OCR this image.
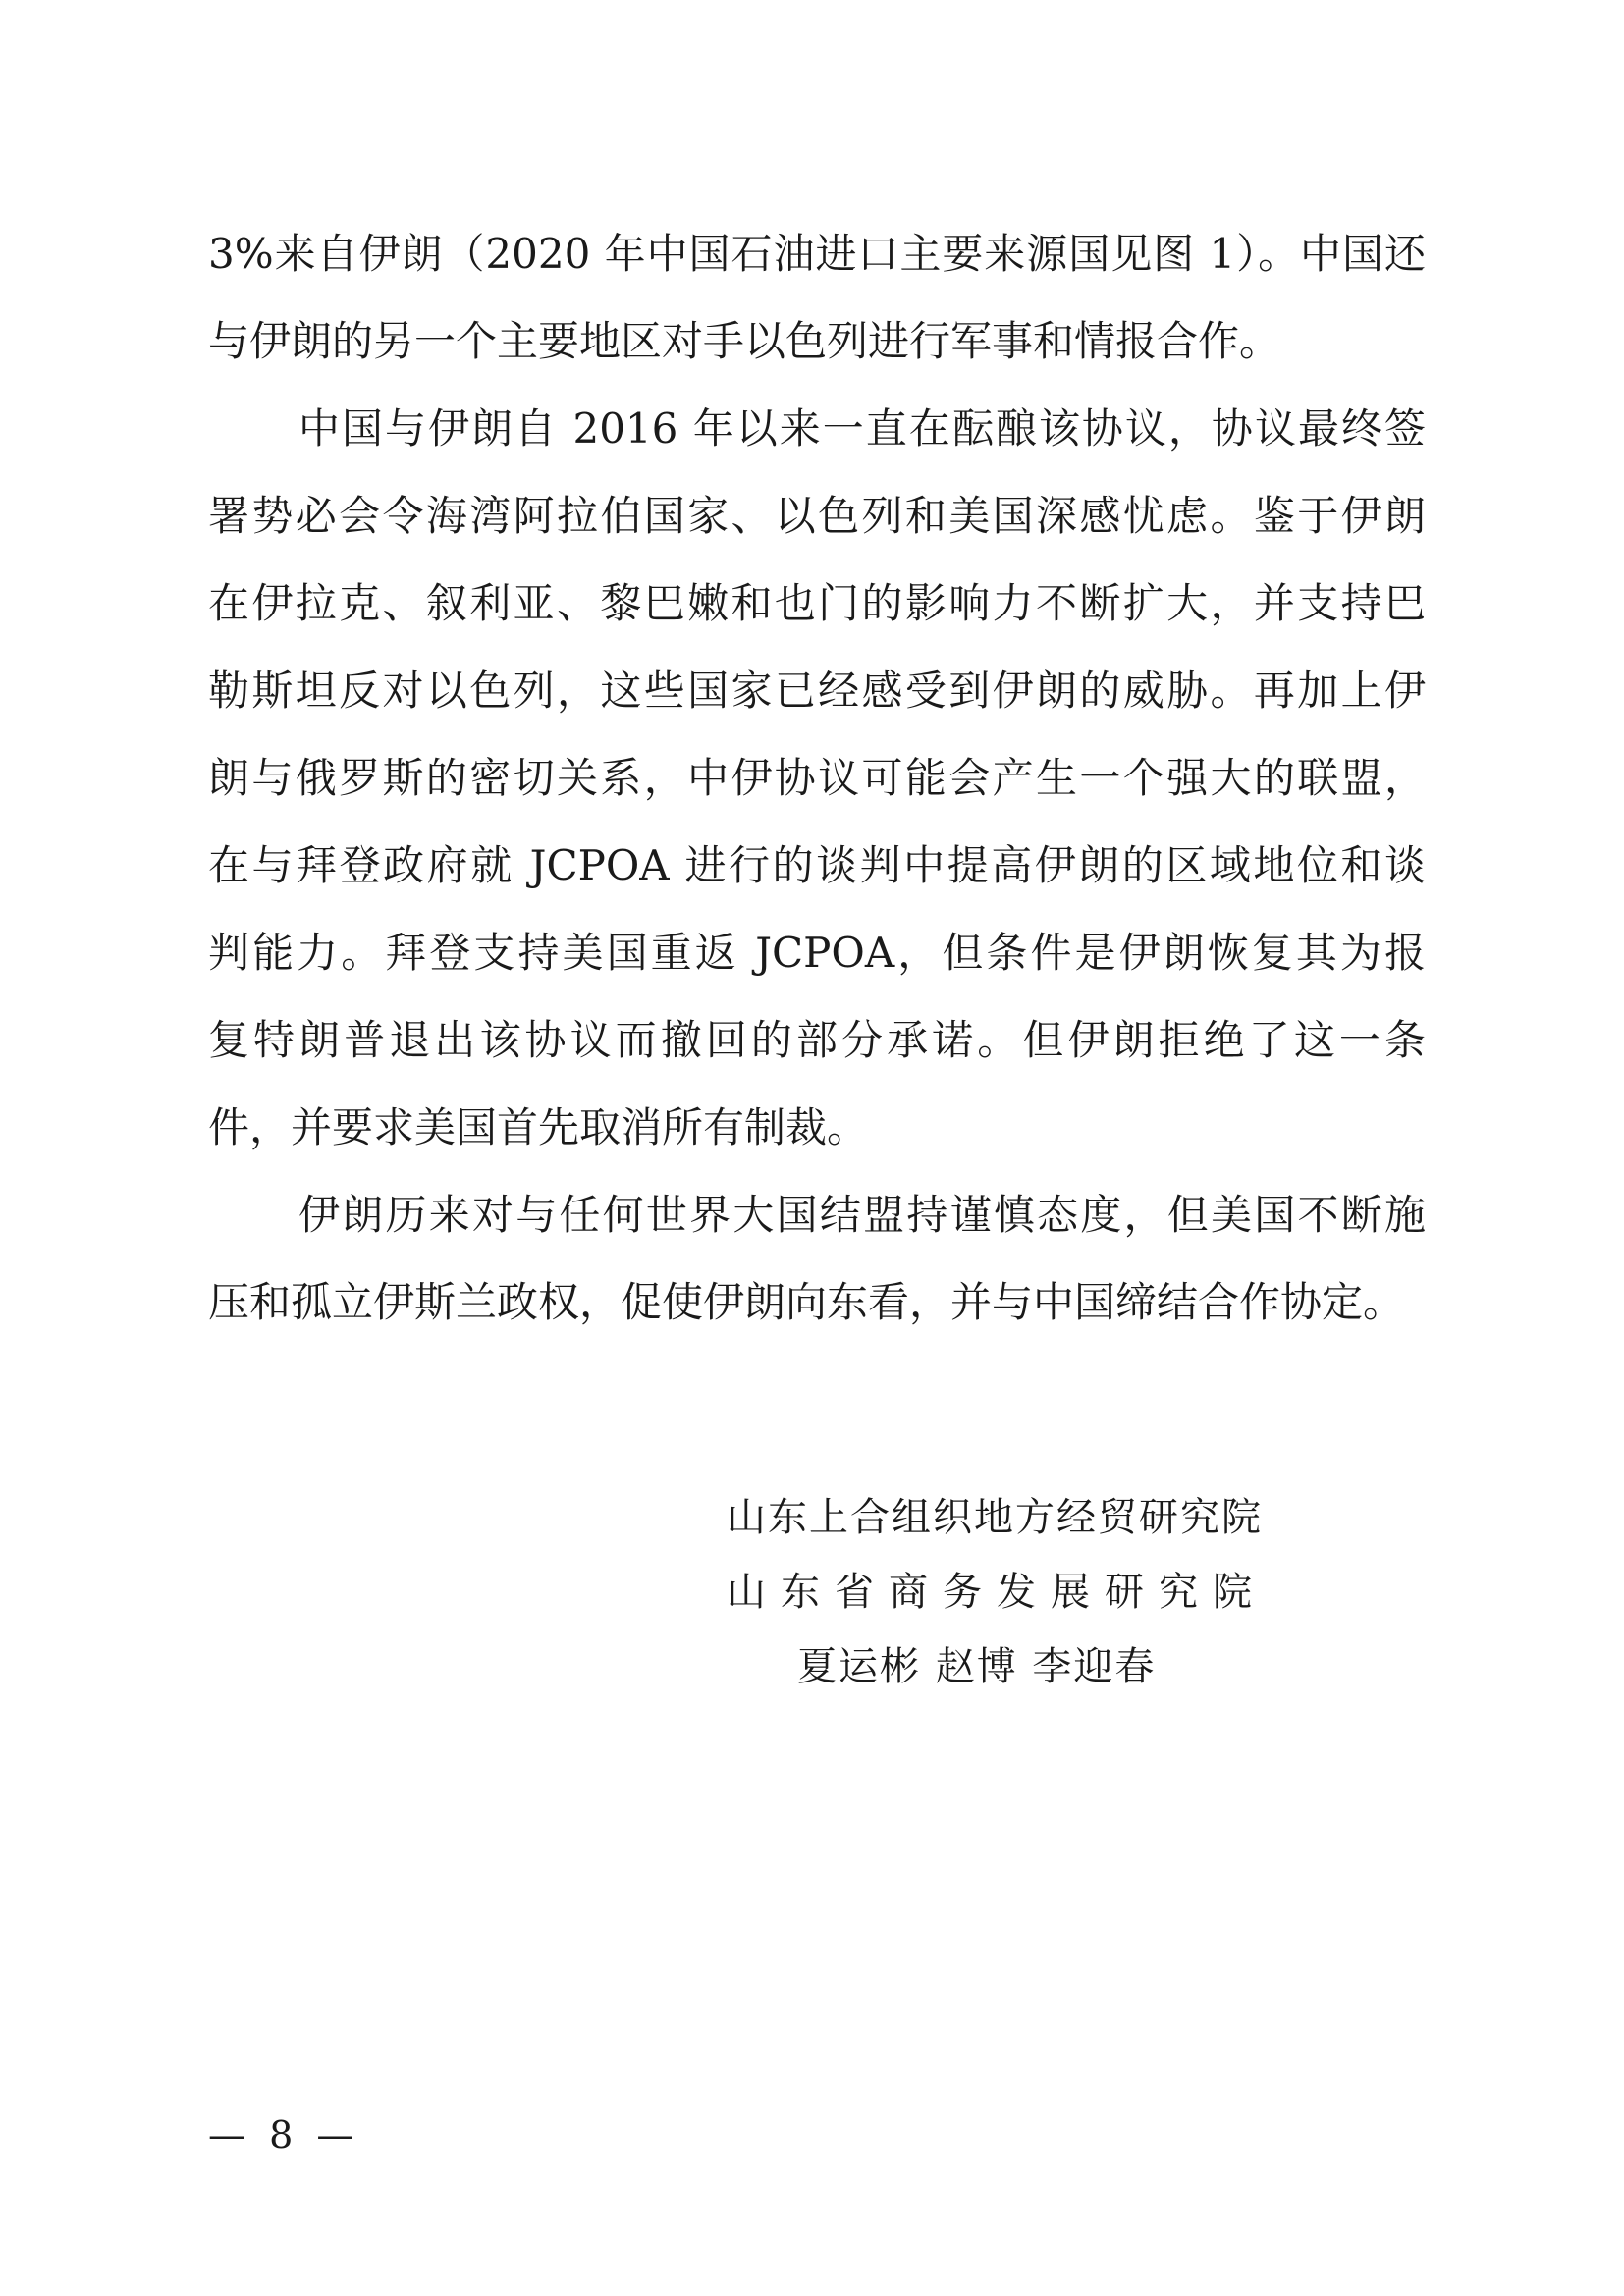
3%来自伊朗（2020 年中国石油进口主要来源国见图 1）。中国还
与伊朗的另一个主要地区对手以色列进行军事和情报合作。
中国与伊朗自 2016 年以来一直在酝酿该协议，协议最终签
署势必会令海湾阿拉伯国家、以色列和美国深感忧虑。鉴于伊朗
在伊拉克、叙利亚、黎巴嫩和也门的影响力不断扩大，并支持巴
勒斯坦反对以色列，这些国家已经感受到伊朗的威胁。再加上伊
朗与俄罗斯的密切关系，中伊协议可能会产生一个强大的联盟，
在与拜登政府就 JCPOA 进行的谈判中提高伊朗的区域地位和谈
判能力。拜登支持美国重返 JCPOA，但条件是伊朗恢复其为报
复特朗普退出该协议而撤回的部分承诺。但伊朗拒绝了这一条
件，并要求美国首先取消所有制裁。
伊朗历来对与任何世界大国结盟持谨慎态度，但美国不断施
压和孤立伊斯兰政权，促使伊朗向东看，并与中国缔结合作协定。
山东上合组织地方经贸研究院
山东省商务发展研究院
夏运彬 赵博 李迎春
— 8 —
